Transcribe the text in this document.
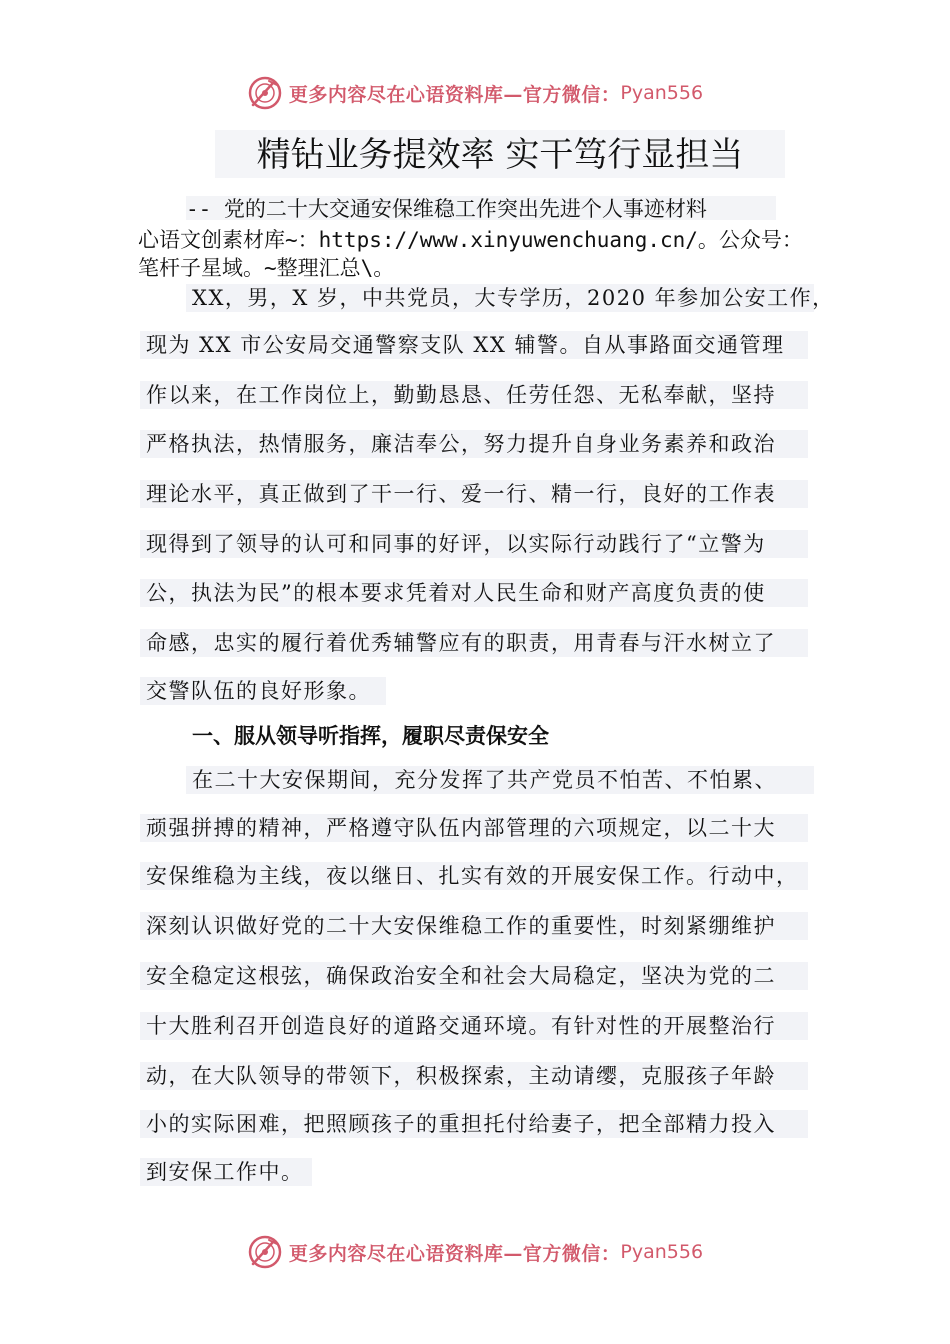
更多内容尽在心语资料库—官方微信： Pyan556
精钻业务提效率 实干笃行显担当
-- 党的二十大交通安保维稳工作突出先进个人事迹材料
心语文创素材库~：https://www.xinyuwenchuang.cn/。公众号：
笔杆子星域。~整理汇总\。
XX，男，X 岁，中共党员，大专学历，2020 年参加公安工作，
现为 XX 市公安局交通警察支队 XX 辅警。自从事路面交通管理
作以来，在工作岗位上，勤勤恳恳、任劳任怨、无私奉献，坚持
严格执法，热情服务，廉洁奉公，努力提升自身业务素养和政治
理论水平，真正做到了干一行、爱一行、精一行，良好的工作表
现得到了领导的认可和同事的好评，以实际行动践行了“立警为
公，执法为民”的根本要求凭着对人民生命和财产高度负责的使
命感，忠实的履行着优秀辅警应有的职责，用青春与汗水树立了
交警队伍的良好形象。
一、服从领导听指挥，履职尽责保安全
在二十大安保期间，充分发挥了共产党员不怕苦、不怕累、
顽强拼搏的精神，严格遵守队伍内部管理的六项规定，以二十大
安保维稳为主线，夜以继日、扎实有效的开展安保工作。行动中，
深刻认识做好党的二十大安保维稳工作的重要性，时刻紧绷维护
安全稳定这根弦，确保政治安全和社会大局稳定，坚决为党的二
十大胜利召开创造良好的道路交通环境。有针对性的开展整治行
动，在大队领导的带领下，积极探索，主动请缨，克服孩子年龄
小的实际困难，把照顾孩子的重担托付给妻子，把全部精力投入
到安保工作中。
更多内容尽在心语资料库—官方微信： Pyan556
